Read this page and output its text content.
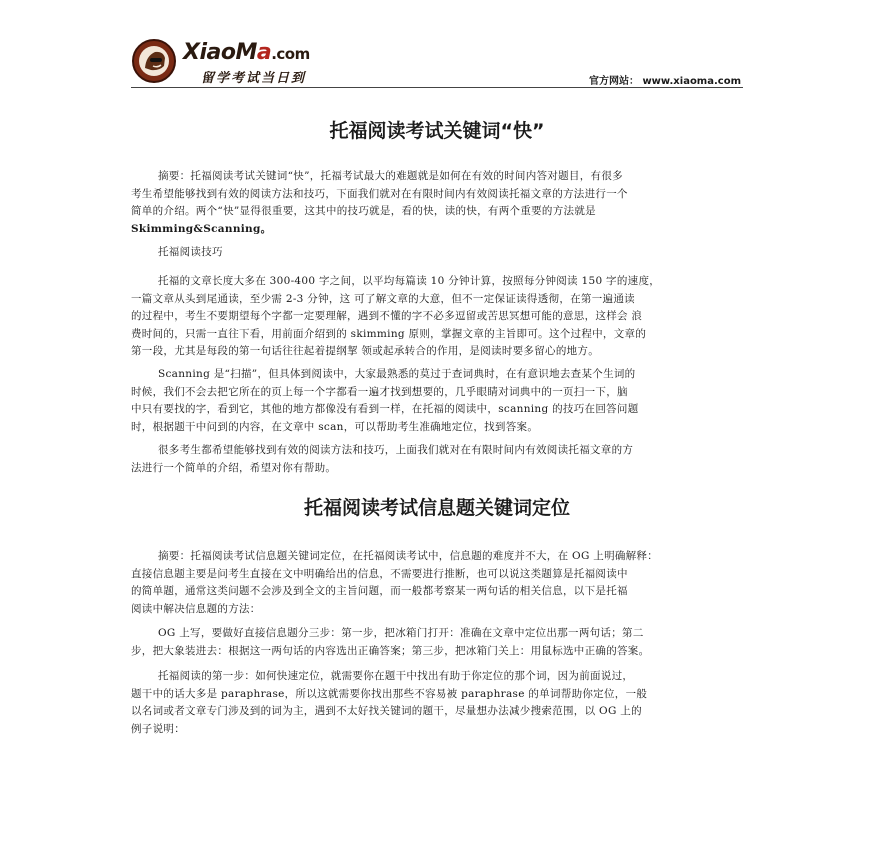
XiaoMa.com
留学考试当日到	官方网站： www.xiaoma.com
托福阅读考试关键词“快”
摘要：托福阅读考试关键词“快”，托福考试最大的难题就是如何在有效的时间内答对题目，有很多
考生希望能够找到有效的阅读方法和技巧，下面我们就对在有限时间内有效阅读托福文章的方法进行一个
简单的介绍。两个“快”显得很重要，这其中的技巧就是，看的快，读的快，有两个重要的方法就是
Skimming&Scanning。
托福阅读技巧
托福的文章长度大多在 300-400 字之间，以平均每篇读 10 分钟计算，按照每分钟阅读 150 字的速度，
一篇文章从头到尾通读，至少需 2-3 分钟，这 可了解文章的大意，但不一定保证读得透彻，在第一遍通读
的过程中，考生不要期望每个字都一定要理解，遇到不懂的字不必多逗留或苦思冥想可能的意思，这样会 浪
费时间的，只需一直往下看，用前面介绍到的 skimming 原则，掌握文章的主旨即可。这个过程中，文章的
第一段，尤其是每段的第一句话往往起着提纲挈 领或起承转合的作用，是阅读时要多留心的地方。
Scanning 是“扫描”，但具体到阅读中，大家最熟悉的莫过于查词典时，在有意识地去查某个生词的
时候，我们不会去把它所在的页上每一个字都看一遍才找到想要的，几乎眼睛对词典中的一页扫一下，脑
中只有要找的字，看到它，其他的地方都像没有看到一样，在托福的阅读中，scanning 的技巧在回答问题
时，根据题干中问到的内容，在文章中 scan，可以帮助考生准确地定位，找到答案。
很多考生都希望能够找到有效的阅读方法和技巧，上面我们就对在有限时间内有效阅读托福文章的方
法进行一个简单的介绍，希望对你有帮助。
托福阅读考试信息题关键词定位
摘要：托福阅读考试信息题关键词定位，在托福阅读考试中，信息题的难度并不大，在 OG 上明确解释：
直接信息题主要是问考生直接在文中明确给出的信息，不需要进行推断，也可以说这类题算是托福阅读中
的简单题，通常这类问题不会涉及到全文的主旨问题，而一般都考察某一两句话的相关信息，以下是托福
阅读中解决信息题的方法：
OG 上写，要做好直接信息题分三步：第一步，把冰箱门打开：准确在文章中定位出那一两句话；第二
步，把大象装进去：根据这一两句话的内容选出正确答案；第三步，把冰箱门关上：用鼠标选中正确的答案。
托福阅读的第一步：如何快速定位，就需要你在题干中找出有助于你定位的那个词，因为前面说过，
题干中的话大多是 paraphrase，所以这就需要你找出那些不容易被 paraphrase 的单词帮助你定位，一般
以名词或者文章专门涉及到的词为主，遇到不太好找关键词的题干，尽量想办法减少搜索范围，以 OG 上的
例子说明：
